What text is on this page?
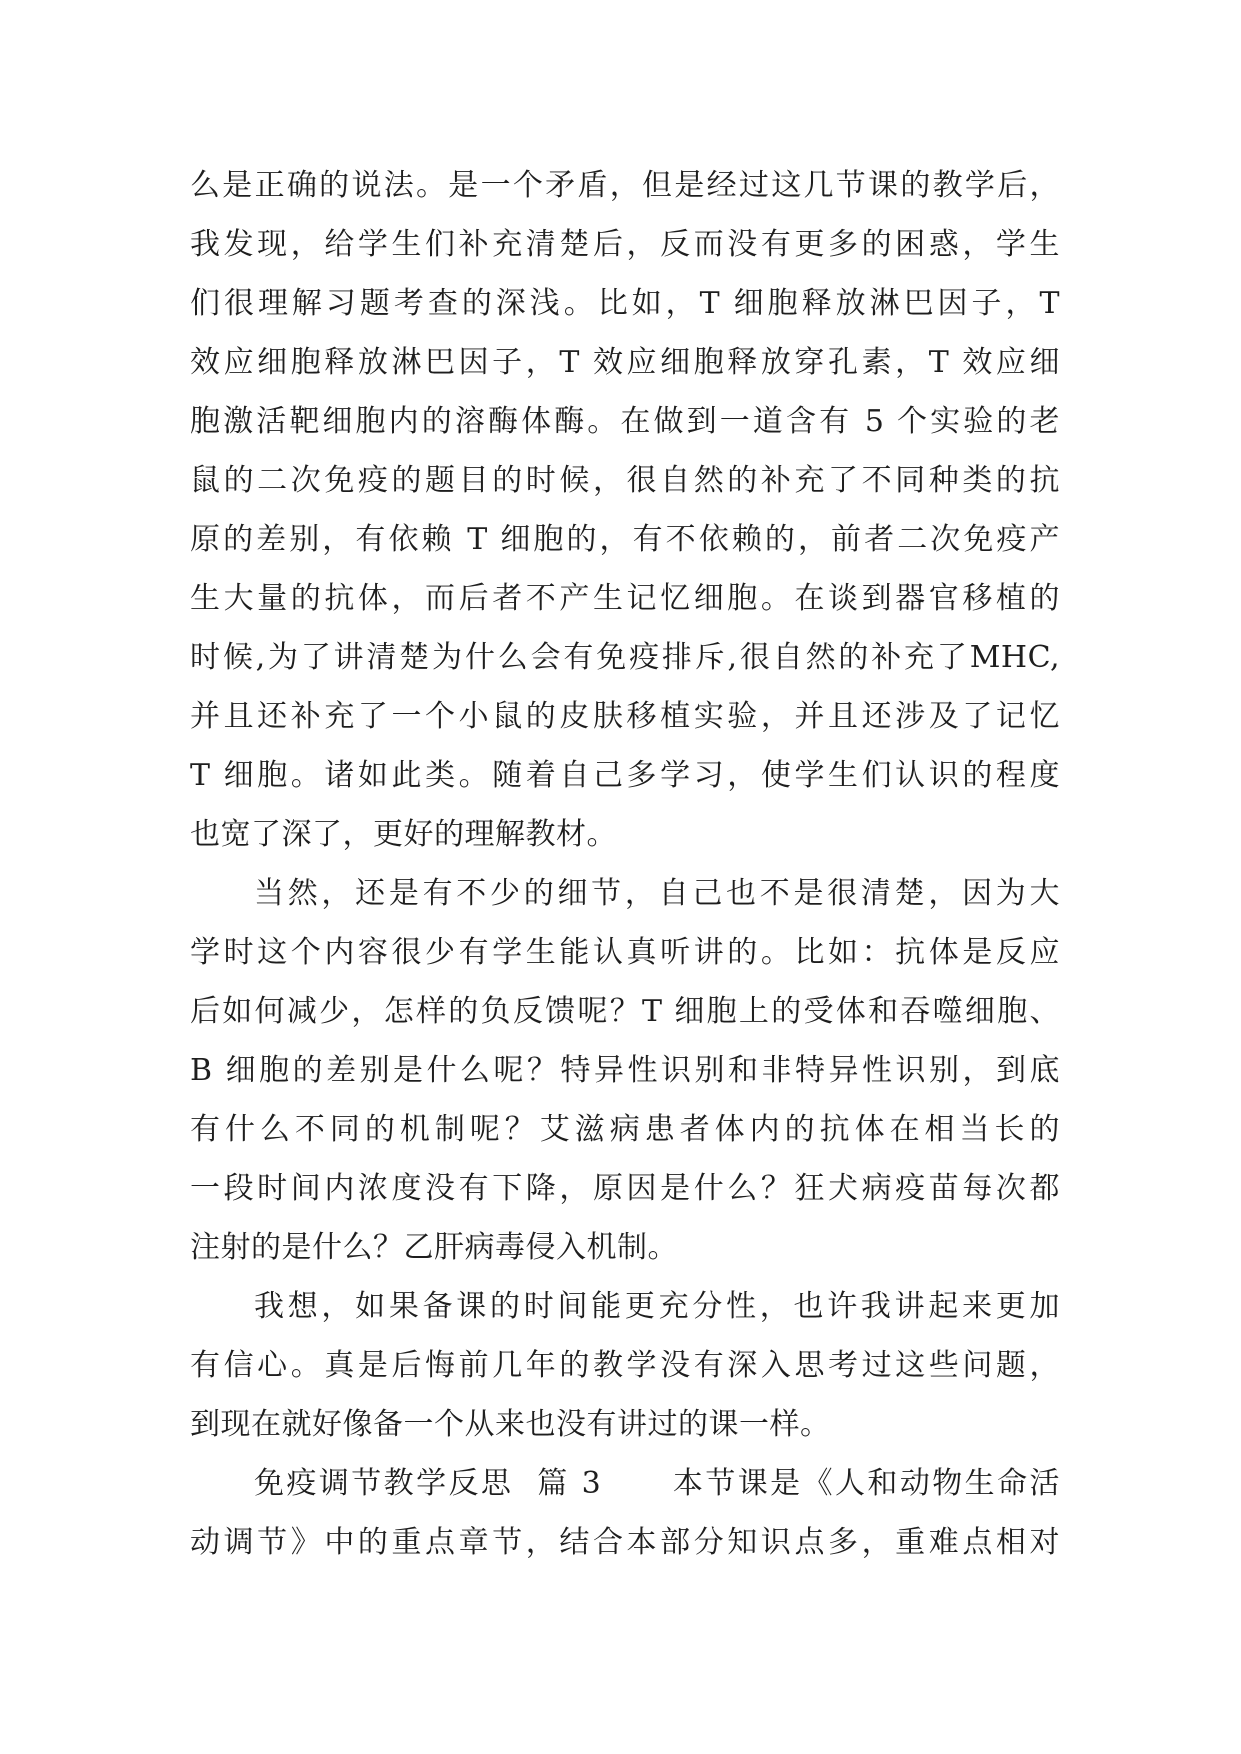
么是正确的说法。是一个矛盾，但是经过这几节课的教学后，
我发现，给学生们补充清楚后，反而没有更多的困惑，学生
们很理解习题考查的深浅。比如，T 细胞释放淋巴因子，T
效应细胞释放淋巴因子，T 效应细胞释放穿孔素，T 效应细
胞激活靶细胞内的溶酶体酶。在做到一道含有 5 个实验的老
鼠的二次免疫的题目的时候，很自然的补充了不同种类的抗
原的差别，有依赖 T 细胞的，有不依赖的，前者二次免疫产
生大量的抗体，而后者不产生记忆细胞。在谈到器官移植的
时候,为了讲清楚为什么会有免疫排斥,很自然的补充了MHC,
并且还补充了一个小鼠的皮肤移植实验，并且还涉及了记忆
T 细胞。诸如此类。随着自己多学习，使学生们认识的程度
也宽了深了，更好的理解教材。
当然，还是有不少的细节，自己也不是很清楚，因为大
学时这个内容很少有学生能认真听讲的。比如：抗体是反应
后如何减少，怎样的负反馈呢？T 细胞上的受体和吞噬细胞、
B 细胞的差别是什么呢？特异性识别和非特异性识别，到底
有什么不同的机制呢？艾滋病患者体内的抗体在相当长的
一段时间内浓度没有下降，原因是什么？狂犬病疫苗每次都
注射的是什么？乙肝病毒侵入机制。
我想，如果备课的时间能更充分性，也许我讲起来更加
有信心。真是后悔前几年的教学没有深入思考过这些问题，
到现在就好像备一个从来也没有讲过的课一样。
免疫调节教学反思  篇 3      本节课是《人和动物生命活
动调节》中的重点章节，结合本部分知识点多，重难点相对
